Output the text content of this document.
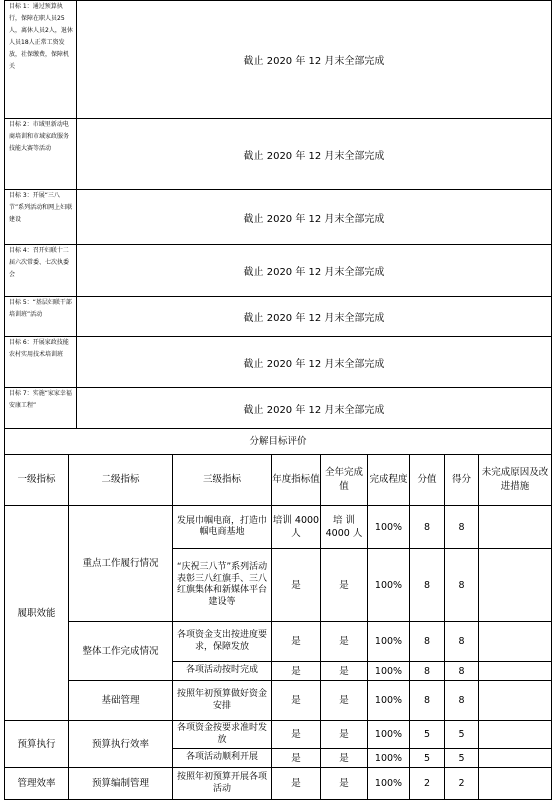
目标 1：通过预算执行，保障在职人员25人，离休人员2人，退休人员18人正常工资发放，社保缴费，保障机关	截止 2020 年 12 月末全部完成
目标 2：市域里新动电商培训和市域家政服务技能大赛等活动	截止 2020 年 12 月末全部完成
目标 3：开展“三八节”系列活动和网上妇联建设	截止 2020 年 12 月末全部完成
目标 4：召开妇联十二届六次常委、七次执委会	截止 2020 年 12 月末全部完成
目标 5：“基层妇联干部培训班”活动	截止 2020 年 12 月末全部完成
目标 6：开展家政技能农村实用技术培训班	截止 2020 年 12 月末全部完成
目标 7：实施“家家幸福安康工程”	截止 2020 年 12 月末全部完成
分解目标评价								
一级指标	二级指标	三级指标	年度指标值	全年完成值	完成程度	分值	得分	未完成原因及改进措施
履职效能	重点工作履行情况	发展巾帼电商，打造巾帼电商基地	培训 4000 人	培 训4000 人	100%	8	8	
		“庆祝三八节”系列活动表彰三八红旗手、三八红旗集体和新媒体平台建设等	是	是	100%	8	8	
	整体工作完成情况	各项资金支出按进度要求，保障发放	是	是	100%	8	8	
		各项活动按时完成	是	是	100%	8	8	
	基础管理	按照年初预算做好资金安排	是	是	100%	8	8	
预算执行	预算执行效率	各项资金按要求准时发放	是	是	100%	5	5	
		各项活动顺利开展	是	是	100%	5	5	
管理效率	预算编制管理	按照年初预算开展各项活动	是	是	100%	2	2	
